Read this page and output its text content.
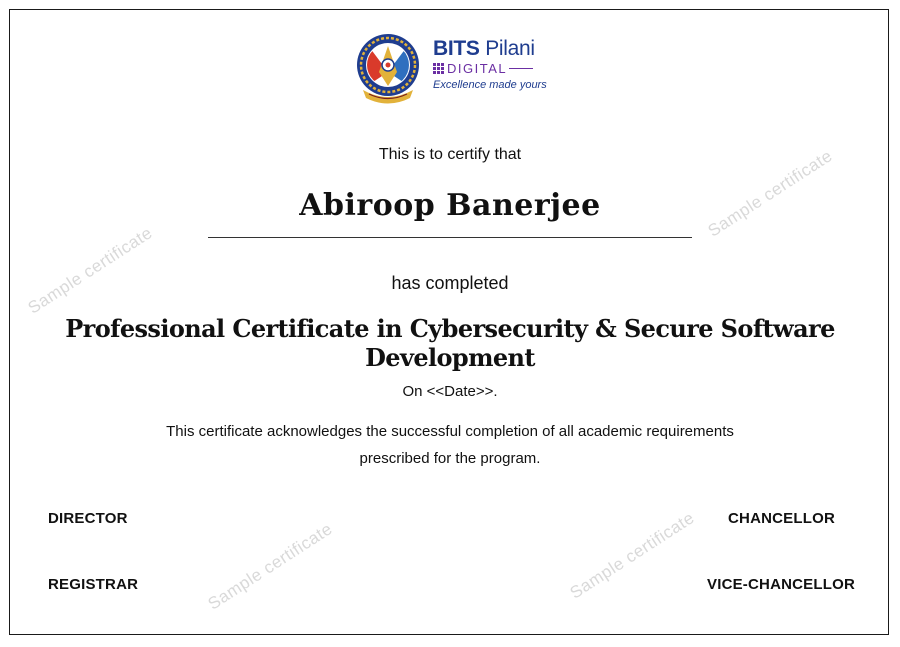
Sample certificate
Sample certificate
Sample certificate	Sample certificate
BITS Pilani
DIGITAL
Excellence made yours
This is to certify that
Abiroop Banerjee
has completed
Professional Certificate in Cybersecurity & Secure Software Development
On <<Date>>.
This certificate acknowledges the successful completion of all academic requirements
prescribed for the program.
DIRECTOR	CHANCELLOR
REGISTRAR	VICE-CHANCELLOR
